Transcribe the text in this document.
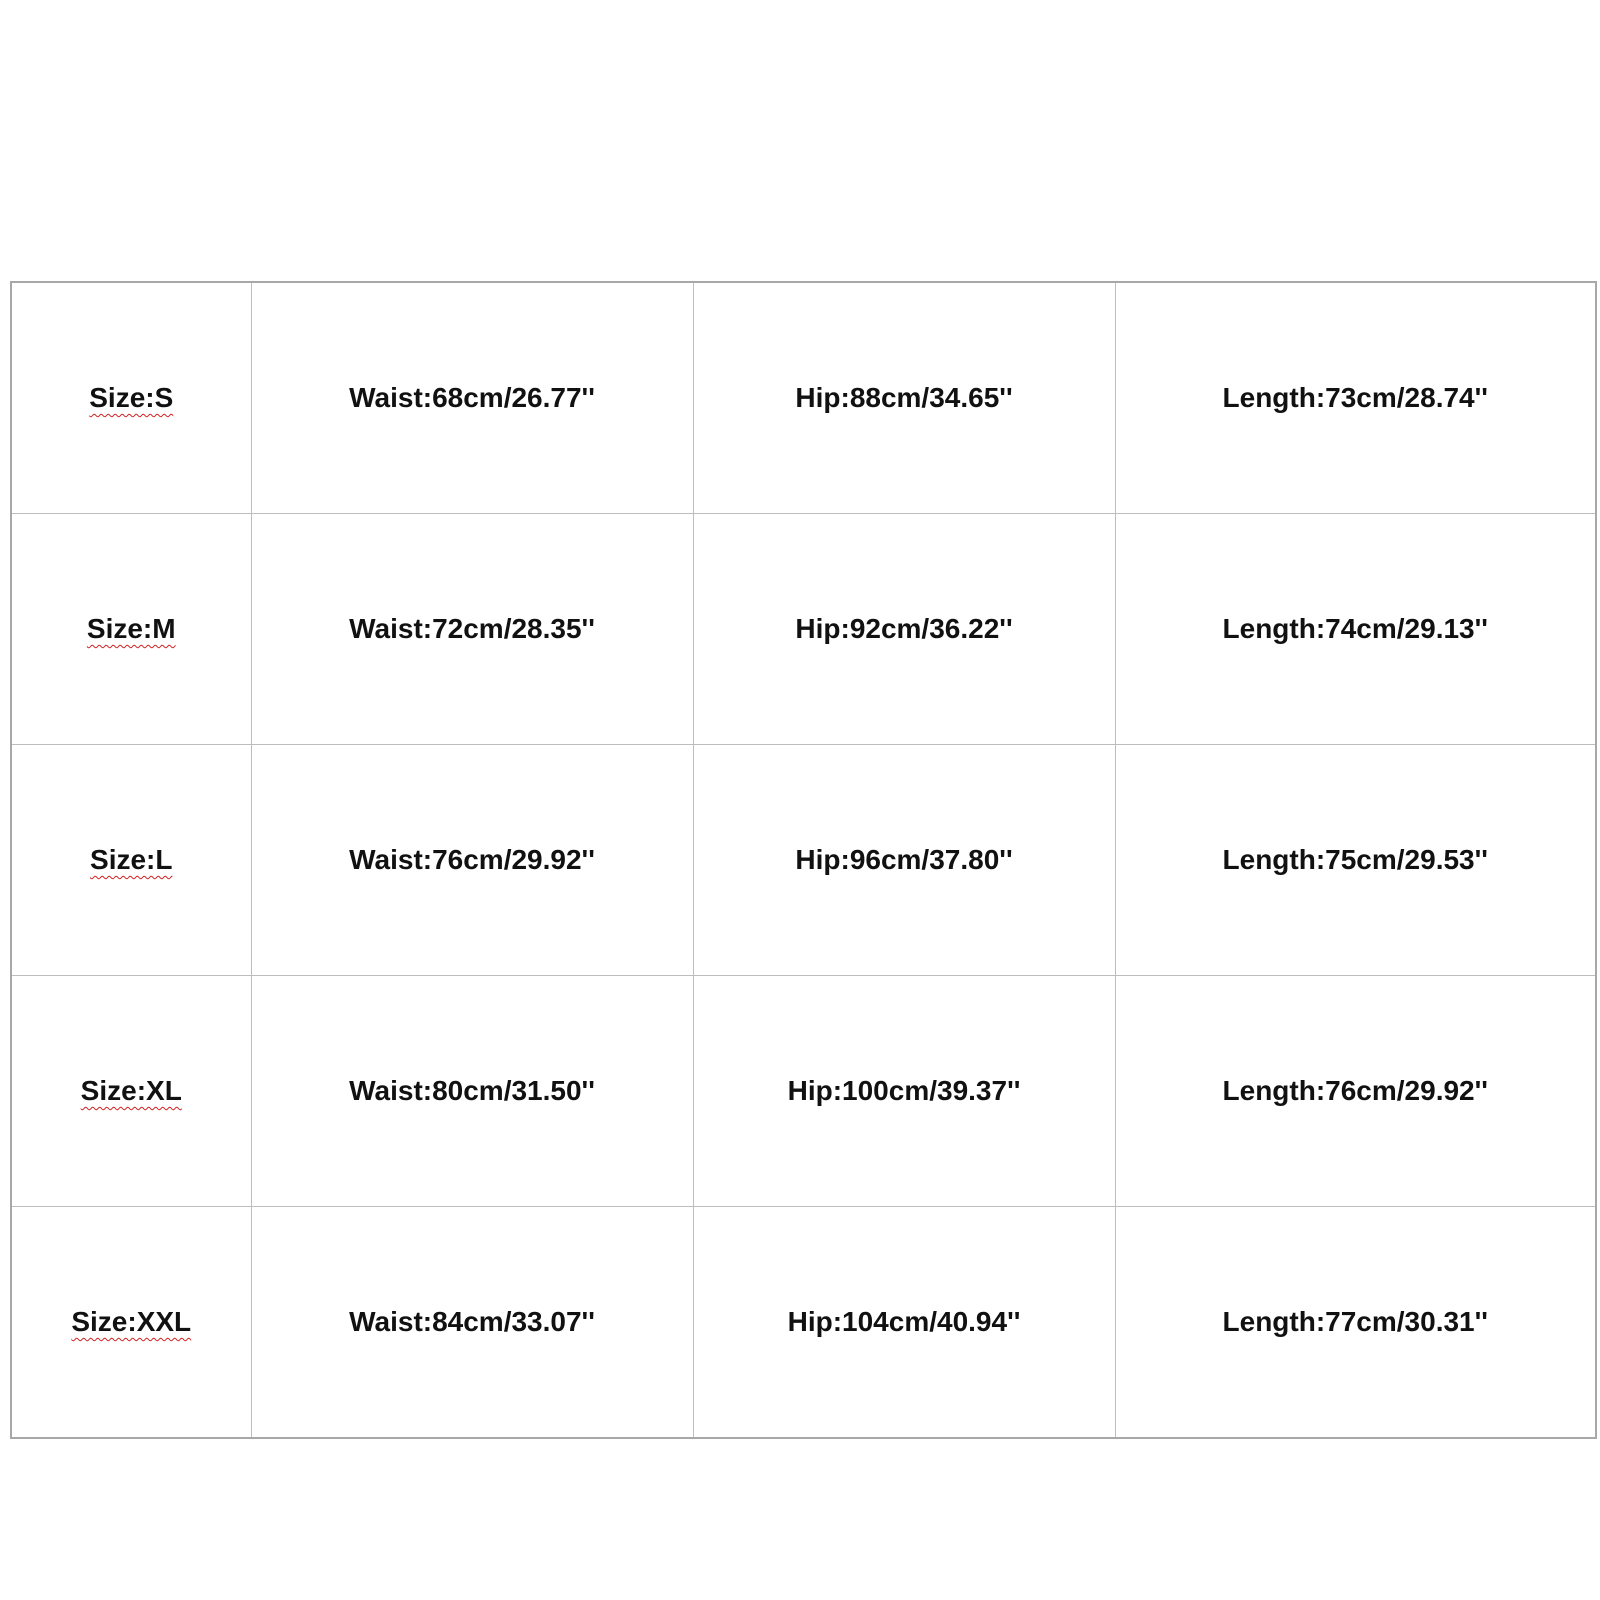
Size:S	Waist:68cm/26.77''	Hip:88cm/34.65''	Length:73cm/28.74''
Size:M	Waist:72cm/28.35''	Hip:92cm/36.22''	Length:74cm/29.13''
Size:L	Waist:76cm/29.92''	Hip:96cm/37.80''	Length:75cm/29.53''
Size:XL	Waist:80cm/31.50''	Hip:100cm/39.37''	Length:76cm/29.92''
Size:XXL	Waist:84cm/33.07''	Hip:104cm/40.94''	Length:77cm/30.31''
